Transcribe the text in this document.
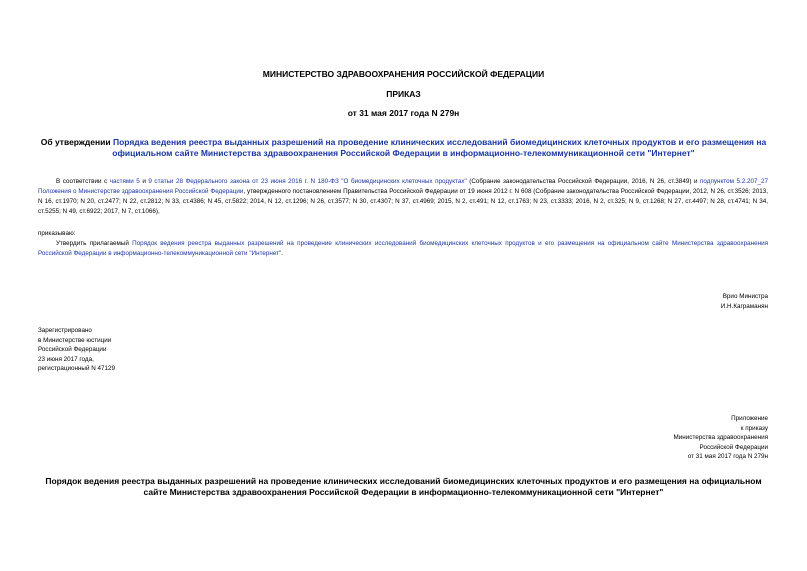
МИНИСТЕРСТВО ЗДРАВООХРАНЕНИЯ РОССИЙСКОЙ ФЕДЕРАЦИИ
ПРИКАЗ
от 31 мая 2017 года N 279н
Об утверждении Порядка ведения реестра выданных разрешений на проведение клинических исследований биомедицинских клеточных продуктов и его размещения на официальном сайте Министерства здравоохранения Российской Федерации в информационно-телекоммуникационной сети "Интернет"
В соответствии с частями 5 и 9 статьи 28 Федерального закона от 23 июня 2016 г. N 180-ФЗ "О биомедицинских клеточных продуктах" (Собрание законодательства Российской Федерации, 2016, N 26, ст.3849) и подпунктом 5.2.207_27 Положения о Министерстве здравоохранения Российской Федерации, утвержденного постановлением Правительства Российской Федерации от 19 июня 2012 г. N 608 (Собрание законодательства Российской Федерации, 2012, N 26, ст.3526; 2013, N 16, ст.1970; N 20, ст.2477; N 22, ст.2812; N 33, ст.4386; N 45, ст.5822; 2014, N 12, ст.1296; N 26, ст.3577; N 30, ст.4307; N 37, ст.4969; 2015, N 2, ст.491; N 12, ст.1763; N 23, ст.3333; 2016, N 2, ст.325; N 9, ст.1268; N 27, ст.4497; N 28, ст.4741; N 34, ст.5255; N 49, ст.6922; 2017, N 7, ст.1066),
приказываю:
Утвердить прилагаемый Порядок ведения реестра выданных разрешений на проведение клинических исследований биомедицинских клеточных продуктов и его размещения на официальном сайте Министерства здравоохранения Российской Федерации в информационно-телекоммуникационной сети "Интернет".
Врио Министра
И.Н.Каграманян
Зарегистрировано
в Министерстве юстиции
Российской Федерации
23 июня 2017 года,
регистрационный N 47129
Приложение
к приказу
Министерства здравоохранения
Российской Федерации
от 31 мая 2017 года N 279н
Порядок ведения реестра выданных разрешений на проведение клинических исследований биомедицинских клеточных продуктов и его размещения на официальном сайте Министерства здравоохранения Российской Федерации в информационно-телекоммуникационной сети "Интернет"
